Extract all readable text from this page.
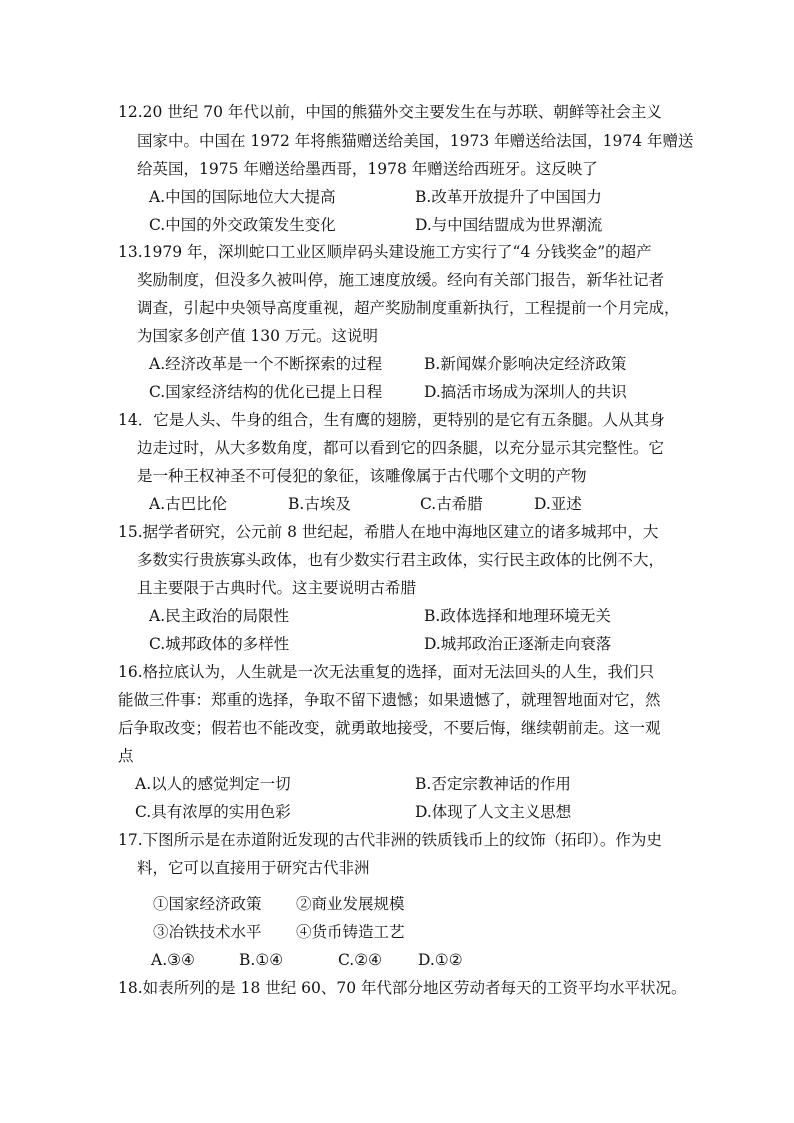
12.20 世纪 70 年代以前，中国的熊猫外交主要发生在与苏联、朝鲜等社会主义
国家中。中国在 1972 年将熊猫赠送给美国，1973 年赠送给法国，1974 年赠送
给英国，1975 年赠送给墨西哥，1978 年赠送给西班牙。这反映了
A.中国的国际地位大大提高	B.改革开放提升了中国国力
C.中国的外交政策发生变化	D.与中国结盟成为世界潮流
13.1979 年，深圳蛇口工业区顺岸码头建设施工方实行了“4 分钱奖金”的超产
奖励制度，但没多久被叫停，施工速度放缓。经向有关部门报告，新华社记者
调查，引起中央领导高度重视，超产奖励制度重新执行，工程提前一个月完成，
为国家多创产值 130 万元。这说明
A.经济改革是一个不断探索的过程	B.新闻媒介影响决定经济政策
C.国家经济结构的优化已提上日程	D.搞活市场成为深圳人的共识
14．它是人头、牛身的组合，生有鹰的翅膀，更特别的是它有五条腿。人从其身
边走过时，从大多数角度，都可以看到它的四条腿，以充分显示其完整性。它
是一种王权神圣不可侵犯的象征，该雕像属于古代哪个文明的产物
A.古巴比伦	B.古埃及	C.古希腊	D.亚述
15.据学者研究，公元前 8 世纪起，希腊人在地中海地区建立的诸多城邦中，大
多数实行贵族寡头政体，也有少数实行君主政体，实行民主政体的比例不大，
且主要限于古典时代。这主要说明古希腊
A.民主政治的局限性	B.政体选择和地理环境无关
C.城邦政体的多样性	D.城邦政治正逐渐走向衰落
16.格拉底认为，人生就是一次无法重复的选择，面对无法回头的人生，我们只
能做三件事：郑重的选择，争取不留下遗憾；如果遗憾了，就理智地面对它，然
后争取改变；假若也不能改变，就勇敢地接受，不要后悔，继续朝前走。这一观
点
A.以人的感觉判定一切	B.否定宗教神话的作用
C.具有浓厚的实用色彩	D.体现了人文主义思想
17.下图所示是在赤道附近发现的古代非洲的铁质钱币上的纹饰（拓印）。作为史
料，它可以直接用于研究古代非洲
①国家经济政策 ②商业发展规模
③冶铁技术水平 ④货币铸造工艺
A.③④	B.①④	C.②④ D.①②
18.如表所列的是 18 世纪 60、70 年代部分地区劳动者每天的工资平均水平状况。
